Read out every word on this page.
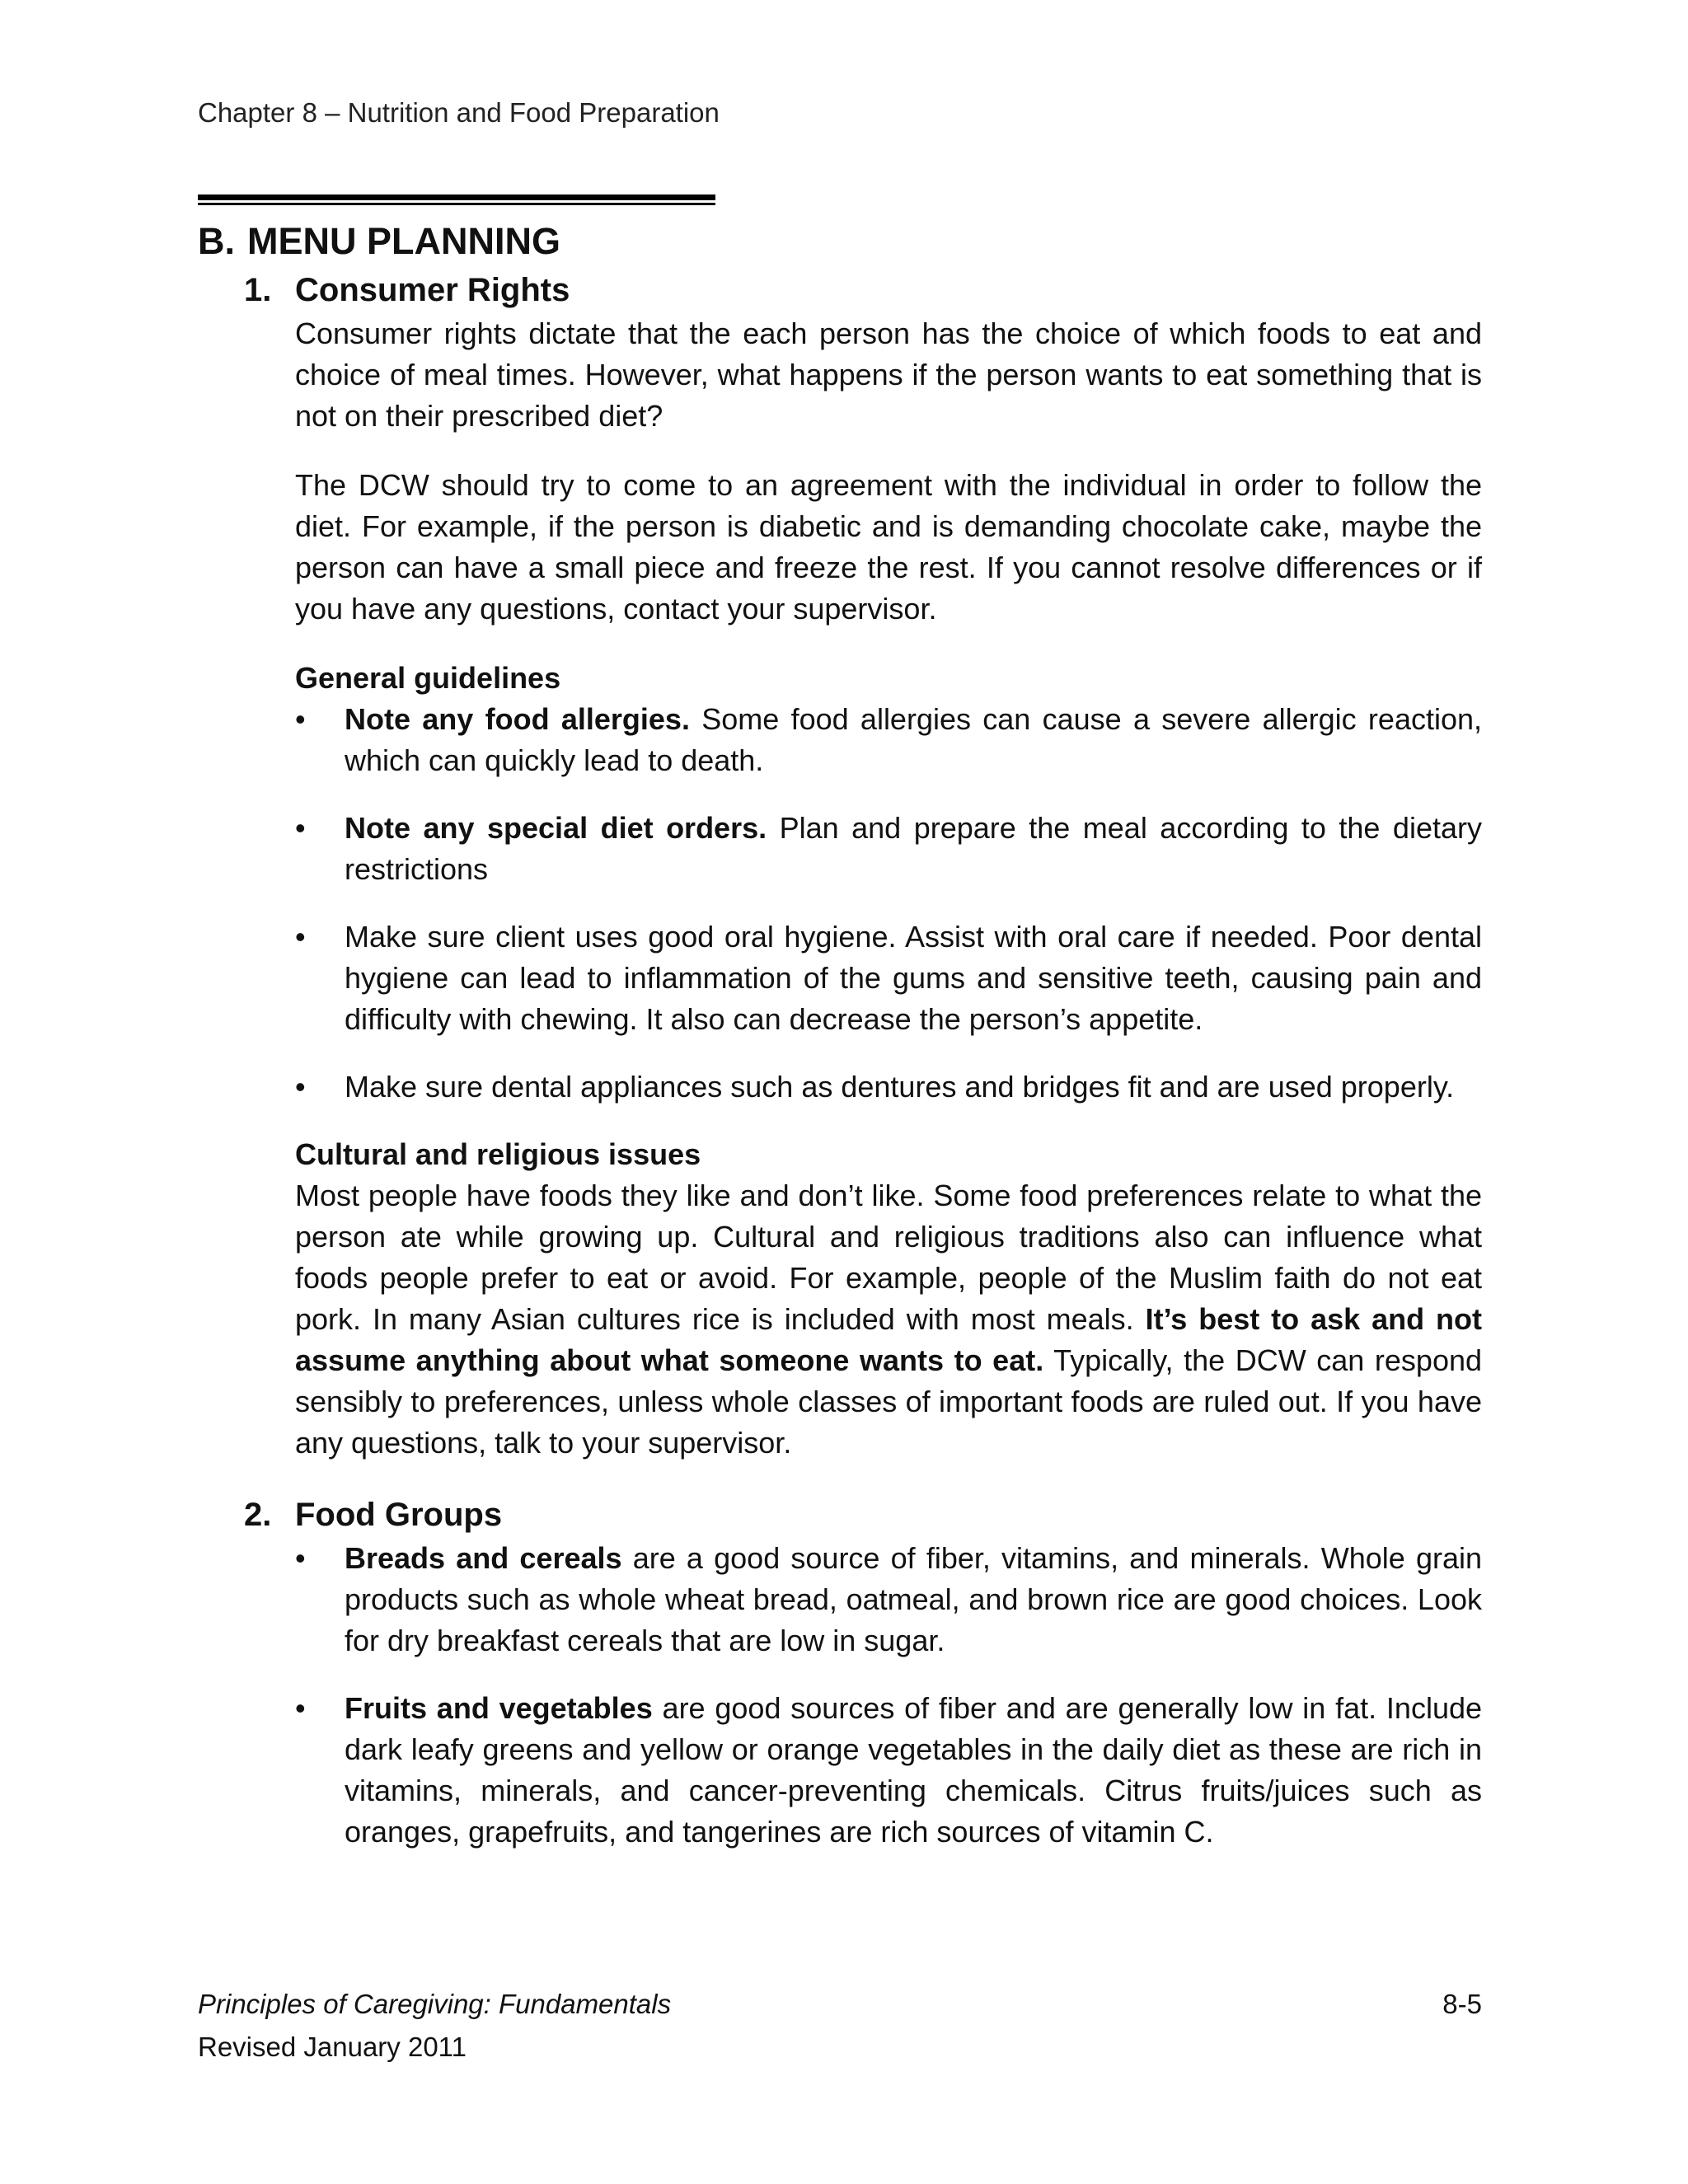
Chapter 8 – Nutrition and Food Preparation
B. MENU PLANNING
1. Consumer Rights

Consumer rights dictate that the each person has the choice of which foods to eat and choice of meal times. However, what happens if the person wants to eat something that is not on their prescribed diet?

The DCW should try to come to an agreement with the individual in order to follow the diet. For example, if the person is diabetic and is demanding chocolate cake, maybe the person can have a small piece and freeze the rest. If you cannot resolve differences or if you have any questions, contact your supervisor.

General guidelines

•	Note any food allergies. Some food allergies can cause a severe allergic reaction, which can quickly lead to death.
•	Note any special diet orders. Plan and prepare the meal according to the dietary restrictions
•	Make sure client uses good oral hygiene. Assist with oral care if needed. Poor dental hygiene can lead to inflammation of the gums and sensitive teeth, causing pain and difficulty with chewing. It also can decrease the person’s appetite.
•	Make sure dental appliances such as dentures and bridges fit and are used properly.

Cultural and religious issues

Most people have foods they like and don’t like. Some food preferences relate to what the person ate while growing up. Cultural and religious traditions also can influence what foods people prefer to eat or avoid. For example, people of the Muslim faith do not eat pork. In many Asian cultures rice is included with most meals. It’s best to ask and not assume anything about what someone wants to eat. Typically, the DCW can respond sensibly to preferences, unless whole classes of important foods are ruled out. If you have any questions, talk to your supervisor.

2. Food Groups
•	Breads and cereals are a good source of fiber, vitamins, and minerals. Whole grain products such as whole wheat bread, oatmeal, and brown rice are good choices. Look for dry breakfast cereals that are low in sugar.
•	Fruits and vegetables are good sources of fiber and are generally low in fat. Include dark leafy greens and yellow or orange vegetables in the daily diet as these are rich in vitamins, minerals, and cancer-preventing chemicals. Citrus fruits/juices such as oranges, grapefruits, and tangerines are rich sources of vitamin C.
Principles of Caregiving: Fundamentals
Revised January 2011
8-5
